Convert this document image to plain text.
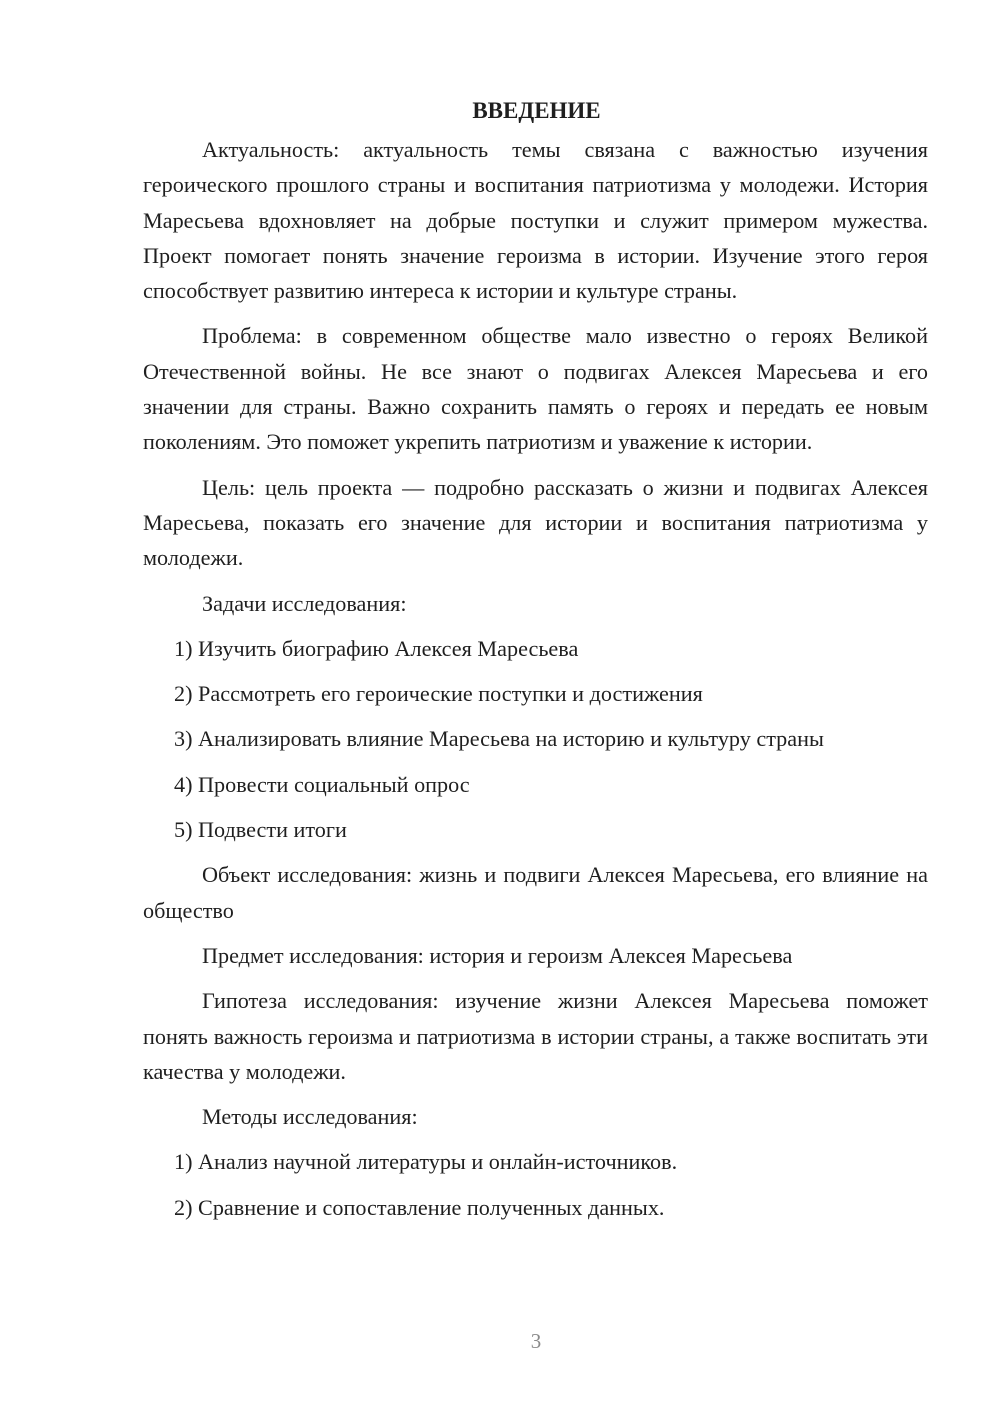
ВВЕДЕНИЕ

Актуальность: актуальность темы связана с важностью изучения героического прошлого страны и воспитания патриотизма у молодежи. История Маресьева вдохновляет на добрые поступки и служит примером мужества. Проект помогает понять значение героизма в истории. Изучение этого героя способствует развитию интереса к истории и культуре страны.

Проблема: в современном обществе мало известно о героях Великой Отечественной войны. Не все знают о подвигах Алексея Маресьева и его значении для страны. Важно сохранить память о героях и передать ее новым поколениям. Это поможет укрепить патриотизм и уважение к истории.

Цель: цель проекта — подробно рассказать о жизни и подвигах Алексея Маресьева, показать его значение для истории и воспитания патриотизма у молодежи.

Задачи исследования:
1) Изучить биографию Алексея Маресьева
2) Рассмотреть его героические поступки и достижения
3) Анализировать влияние Маресьева на историю и культуру страны
4) Провести социальный опрос
5) Подвести итоги

Объект исследования: жизнь и подвиги Алексея Маресьева, его влияние на общество

Предмет исследования: история и героизм Алексея Маресьева

Гипотеза исследования: изучение жизни Алексея Маресьева поможет понять важность героизма и патриотизма в истории страны, а также воспитать эти качества у молодежи.

Методы исследования:
1) Анализ научной литературы и онлайн-источников.
2) Сравнение и сопоставление полученных данных.
3
